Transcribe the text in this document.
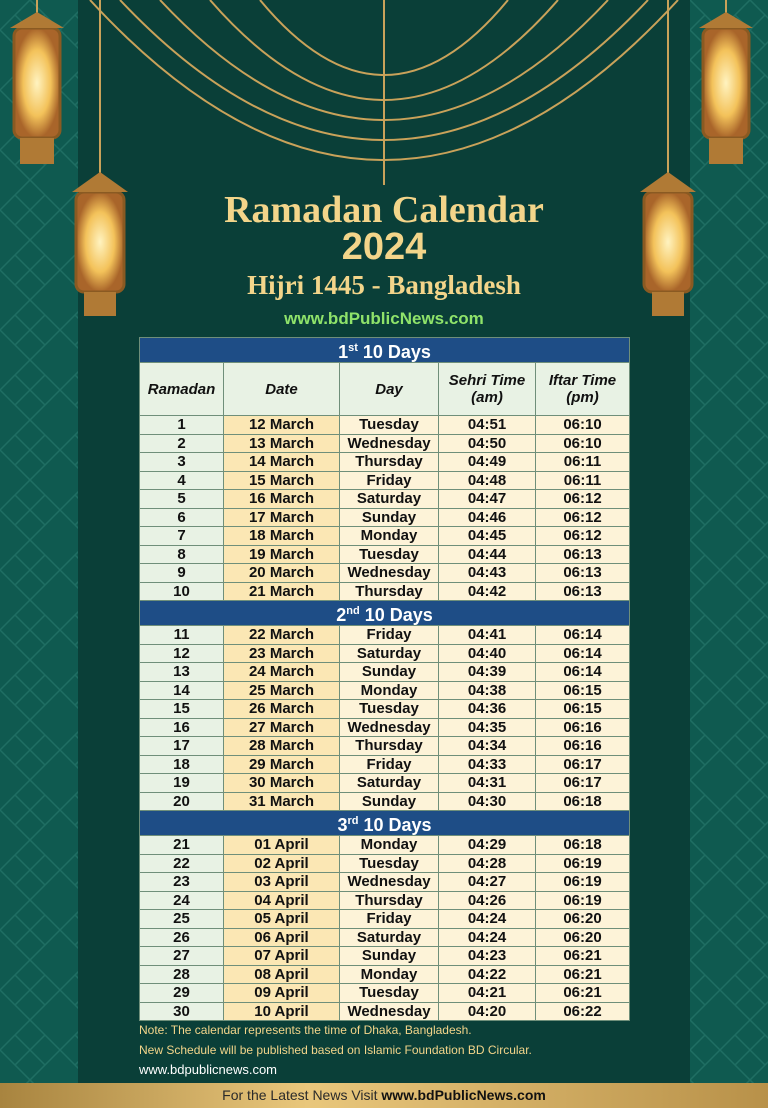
Ramadan Calendar
2024
Hijri 1445 - Bangladesh
www.bdPublicNews.com
1st 10 Days				
Ramadan	Date	Day	Sehri Time (am)	Iftar Time (pm)
1	12 March	Tuesday	04:51	06:10
2	13 March	Wednesday	04:50	06:10
3	14 March	Thursday	04:49	06:11
4	15 March	Friday	04:48	06:11
5	16 March	Saturday	04:47	06:12
6	17 March	Sunday	04:46	06:12
7	18 March	Monday	04:45	06:12
8	19 March	Tuesday	04:44	06:13
9	20 March	Wednesday	04:43	06:13
10	21 March	Thursday	04:42	06:13
2nd 10 Days				
11	22 March	Friday	04:41	06:14
12	23 March	Saturday	04:40	06:14
13	24 March	Sunday	04:39	06:14
14	25 March	Monday	04:38	06:15
15	26 March	Tuesday	04:36	06:15
16	27 March	Wednesday	04:35	06:16
17	28 March	Thursday	04:34	06:16
18	29 March	Friday	04:33	06:17
19	30 March	Saturday	04:31	06:17
20	31 March	Sunday	04:30	06:18
3rd 10 Days				
21	01 April	Monday	04:29	06:18
22	02 April	Tuesday	04:28	06:19
23	03 April	Wednesday	04:27	06:19
24	04 April	Thursday	04:26	06:19
25	05 April	Friday	04:24	06:20
26	06 April	Saturday	04:24	06:20
27	07 April	Sunday	04:23	06:21
28	08 April	Monday	04:22	06:21
29	09 April	Tuesday	04:21	06:21
30	10 April	Wednesday	04:20	06:22
Note: The calendar represents the time of Dhaka, Bangladesh.
New Schedule will be published based on Islamic Foundation BD Circular.
www.bdpublicnews.com
For the Latest News Visit www.bdPublicNews.com
